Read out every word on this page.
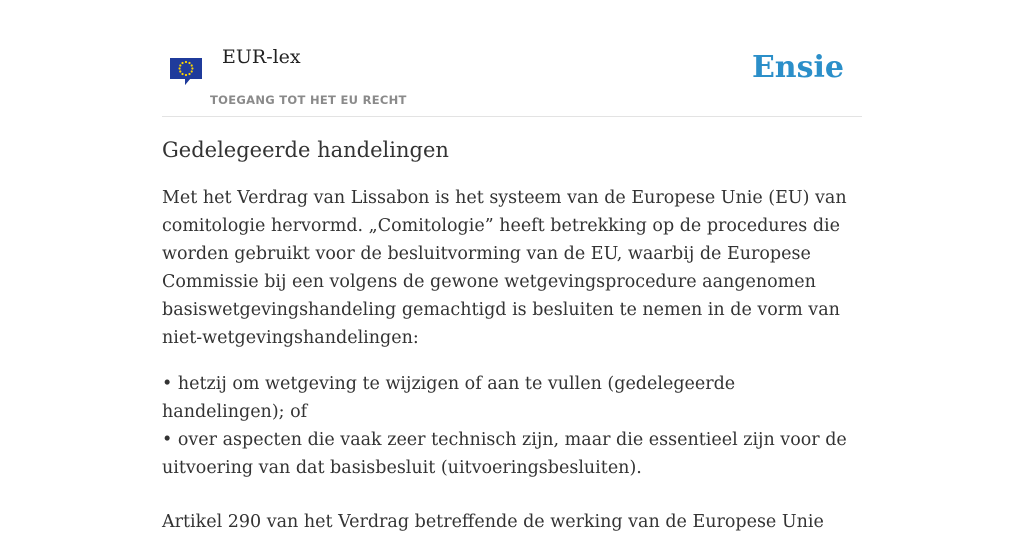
EUR-lex
TOEGANG TOT HET EU RECHT
Ensie
Gedelegeerde handelingen

Met het Verdrag van Lissabon is het systeem van de Europese Unie (EU) van comitologie hervormd. „Comitologie” heeft betrekking op de procedures die worden gebruikt voor de besluitvorming van de EU, waarbij de Europese Commissie bij een volgens de gewone wetgevingsprocedure aangenomen basiswetgevingshandeling gemachtigd is besluiten te nemen in de vorm van niet-wetgevingshandelingen:

• hetzij om wetgeving te wijzigen of aan te vullen (gedelegeerde handelingen); of
• over aspecten die vaak zeer technisch zijn, maar die essentieel zijn voor de uitvoering van dat basisbesluit (uitvoeringsbesluiten).

Artikel 290 van het Verdrag betreffende de werking van de Europese Unie
